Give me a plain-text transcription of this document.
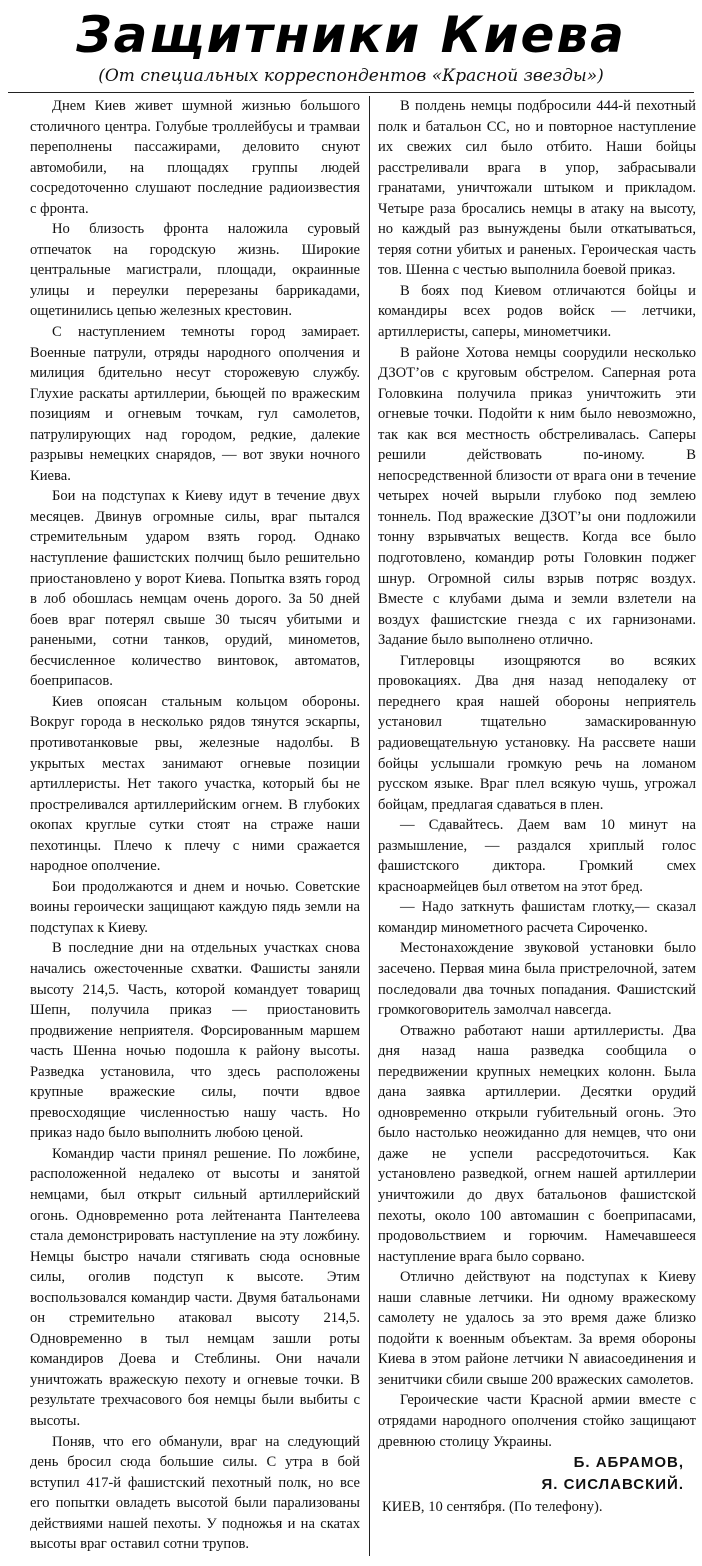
Защитники Киева
(От специальных корреспондентов «Красной звезды»)

Днем Киев живет шумной жизнью большого столичного центра. Голубые троллейбусы и трамваи переполнены пассажирами, деловито снуют автомобили, на площадях группы людей сосредоточенно слушают последние радиоизвестия с фронта.

Но близость фронта наложила суровый отпечаток на городскую жизнь. Широкие центральные магистрали, площади, окраинные улицы и переулки перерезаны баррикадами, ощетинились цепью железных крестовин.

С наступлением темноты город замирает. Военные патрули, отряды народного ополчения и милиция бдительно несут сторожевую службу. Глухие раскаты артиллерии, бьющей по вражеским позициям и огневым точкам, гул самолетов, патрулирующих над городом, редкие, далекие разрывы немецких снарядов, — вот звуки ночного Киева.

Бои на подступах к Киеву идут в течение двух месяцев. Двинув огромные силы, враг пытался стремительным ударом взять город. Однако наступление фашистских полчищ было решительно приостановлено у ворот Киева. Попытка взять город в лоб обошлась немцам очень дорого. За 50 дней боев враг потерял свыше 30 тысяч убитыми и ранеными, сотни танков, орудий, минометов, бесчисленное количество винтовок, автоматов, боеприпасов.

Киев опоясан стальным кольцом обороны. Вокруг города в несколько рядов тянутся эскарпы, противотанковые рвы, железные надолбы. В укрытых местах занимают огневые позиции артиллеристы. Нет такого участка, который бы не простреливался артиллерийским огнем. В глубоких окопах круглые сутки стоят на страже наши пехотинцы. Плечо к плечу с ними сражается народное ополчение.

Бои продолжаются и днем и ночью. Советские воины героически защищают каждую пядь земли на подступах к Киеву.

В последние дни на отдельных участках снова начались ожесточенные схватки. Фашисты заняли высоту 214,5. Часть, которой командует товарищ Шепн, получила приказ — приостановить продвижение неприятеля. Форсированным маршем часть Шенна ночью подошла к району высоты. Разведка установила, что здесь расположены крупные вражеские силы, почти вдвое превосходящие численностью нашу часть. Но приказ надо было выполнить любою ценой.

Командир части принял решение. По ложбине, расположенной недалеко от высоты и занятой немцами, был открыт сильный артиллерийский огонь. Одновременно рота лейтенанта Пантелеева стала демонстрировать наступление на эту ложбину. Немцы быстро начали стягивать сюда основные силы, оголив подступ к высоте. Этим воспользовался командир части. Двумя батальонами он стремительно атаковал высоту 214,5. Одновременно в тыл немцам зашли роты командиров Доева и Стеблины. Они начали уничтожать вражескую пехоту и огневые точки. В результате трехчасового боя немцы были выбиты с высоты.

Поняв, что его обманули, враг на следующий день бросил сюда большие силы. С утра в бой вступил 417-й фашистский пехотный полк, но все его попытки овладеть высотой были парализованы действиями нашей пехоты. У подножья и на скатах высоты враг оставил сотни трупов.

В полдень немцы подбросили 444-й пехотный полк и батальон СС, но и повторное наступление их свежих сил было отбито. Наши бойцы расстреливали врага в упор, забрасывали гранатами, уничтожали штыком и прикладом. Четыре раза бросались немцы в атаку на высоту, но каждый раз вынуждены были откатываться, теряя сотни убитых и раненых. Героическая часть тов. Шенна с честью выполнила боевой приказ.

В боях под Киевом отличаются бойцы и командиры всех родов войск — летчики, артиллеристы, саперы, минометчики.

В районе Хотова немцы соорудили несколько ДЗОТ’ов с круговым обстрелом. Саперная рота Головкина получила приказ уничтожить эти огневые точки. Подойти к ним было невозможно, так как вся местность обстреливалась. Саперы решили действовать по-иному. В непосредственной близости от врага они в течение четырех ночей вырыли глубоко под землею тоннель. Под вражеские ДЗОТ’ы они подложили тонну взрывчатых веществ. Когда все было подготовлено, командир роты Головкин поджег шнур. Огромной силы взрыв потряс воздух. Вместе с клубами дыма и земли взлетели на воздух фашистские гнезда с их гарнизонами. Задание было выполнено отлично.

Гитлеровцы изощряются во всяких провокациях. Два дня назад неподалеку от переднего края нашей обороны неприятель установил тщательно замаскированную радиовещательную установку. На рассвете наши бойцы услышали громкую речь на ломаном русском языке. Враг плел всякую чушь, угрожал бойцам, предлагая сдаваться в плен.

— Сдавайтесь. Даем вам 10 минут на размышление, — раздался хриплый голос фашистского диктора. Громкий смех красноармейцев был ответом на этот бред.

— Надо заткнуть фашистам глотку,— сказал командир минометного расчета Сироченко.

Местонахождение звуковой установки было засечено. Первая мина была пристрелочной, затем последовали два точных попадания. Фашистский громкоговоритель замолчал навсегда.

Отважно работают наши артиллеристы. Два дня назад наша разведка сообщила о передвижении крупных немецких колонн. Была дана заявка артиллерии. Десятки орудий одновременно открыли губительный огонь. Это было настолько неожиданно для немцев, что они даже не успели рассредоточиться. Как установлено разведкой, огнем нашей артиллерии уничтожили до двух батальонов фашистской пехоты, около 100 автомашин с боеприпасами, продовольствием и горючим. Намечавшееся наступление врага было сорвано.

Отлично действуют на подступах к Киеву наши славные летчики. Ни одному вражескому самолету не удалось за это время даже близко подойти к военным объектам. За время обороны Киева в этом районе летчики N авиасоединения и зенитчики сбили свыше 200 вражеских самолетов.

Героические части Красной армии вместе с отрядами народного ополчения стойко защищают древнюю столицу Украины.

Б. АБРАМОВ,
Я. СИСЛАВСКИЙ.
КИЕВ, 10 сентября. (По телефону).
